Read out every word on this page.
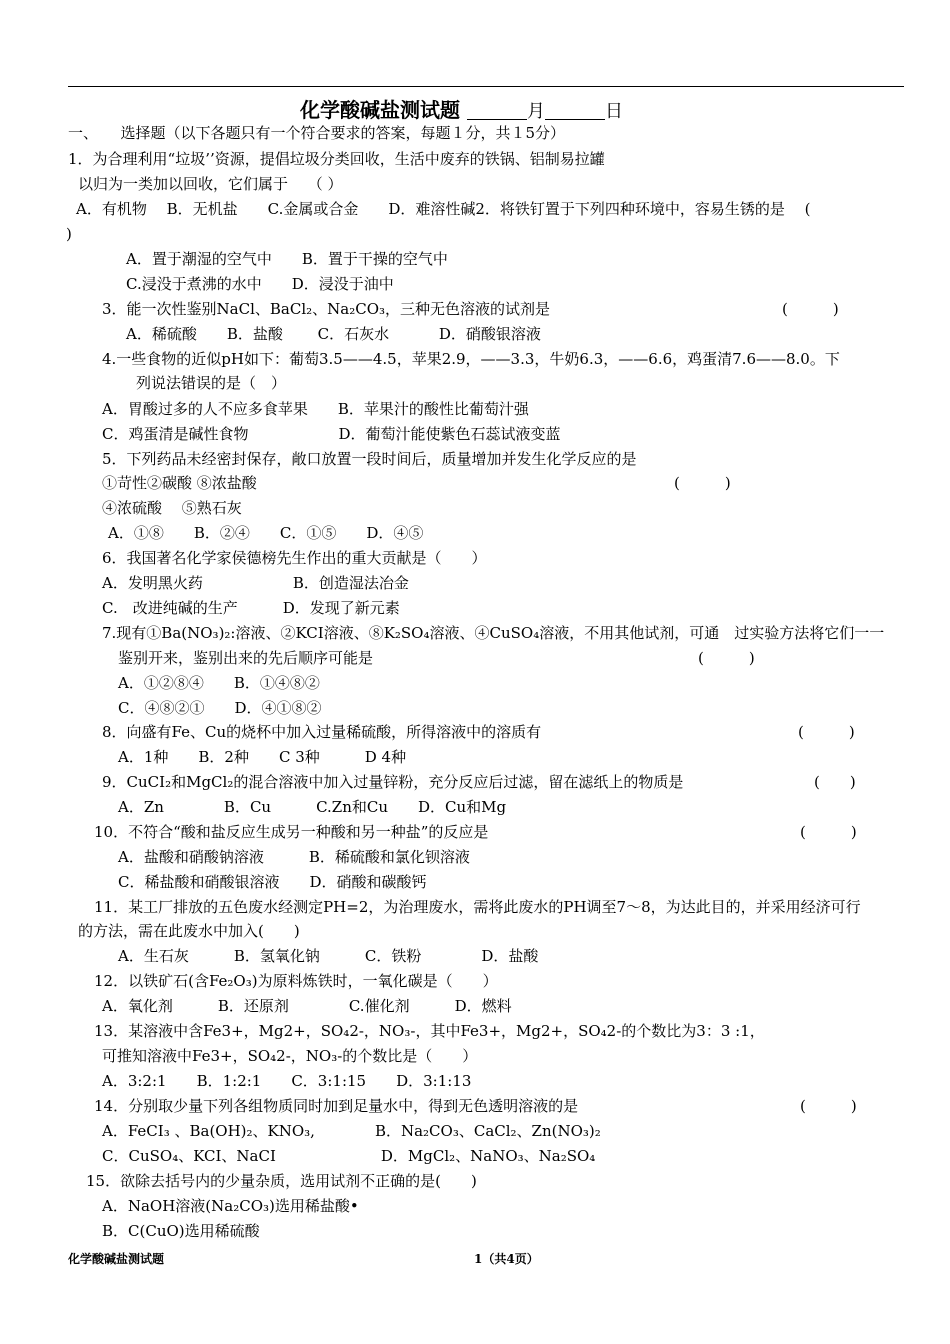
化学酸碱盐测试题	月	日
一、　　选择题（以下各题只有一个符合要求的答案，每题１分，共１5分）
1．为合理利用“垃圾’’资源，提倡垃圾分类回收，生活中废弃的铁锅、铝制易拉罐
以归为一类加以回收，它们属于　 （ ）
A．有机物　 B．无机盐　　C.金属或合金　　D．难溶性碱2．将铁钉置于下列四种环境中，容易生锈的是　 (
)
A．置于潮湿的空气中　　B．置于干操的空气中
C.浸没于煮沸的水中　　D．浸没于油中
3．能一次性鉴别NaCl、BaCl₂、Na₂CO₃，三种无色溶液的试剂是	(　　　)
A．稀硫酸　　B．盐酸　　 C．石灰水　　　 D．硝酸银溶液
4.一些食物的近似pH如下：葡萄3.5——4.5，苹果2.9，——3.3，牛奶6.3，——6.6，鸡蛋清7.6——8.0。下
列说法错误的是（　）
A．胃酸过多的人不应多食苹果　　B．苹果汁的酸性比葡萄汁强
C．鸡蛋清是碱性食物　　　　　　D．葡萄汁能使紫色石蕊试液变蓝
5．下列药品未经密封保存，敞口放置一段时间后，质量增加并发生化学反应的是
①苛性②碳酸 ⑧浓盐酸	(　　　)
④浓硫酸　 ⑤熟石灰
A．①⑧　　B．②④　　C．①⑤　　D．④⑤
6．我国著名化学家侯德榜先生作出的重大贡献是（　　）
A．发明黑火药　　　　　　B．创造湿法冶金
C.　改进纯碱的生产　　　D．发现了新元素
7.现有①Ba(NO₃)₂:溶液、②KCI溶液、⑧K₂SO₄溶液、④CuSO₄溶液，不用其他试剂，可通　过实验方法将它们一一
鉴别开来，鉴别出来的先后顺序可能是	(　　　)
A．①②⑧④　　B．①④⑧②
C．④⑧②①　　D．④①⑧②
8．向盛有Fe、Cu的烧杯中加入过量稀硫酸，所得溶液中的溶质有	(　　　)
A．1种　　B．2种　　C 3种　　　D 4种
9．CuCI₂和MgCl₂的混合溶液中加入过量锌粉，充分反应后过滤，留在滤纸上的物质是	(　　)
A．Zn　　　　B．Cu　　　C.Zn和Cu　　D．Cu和Mg
10．不符合“酸和盐反应生成另一种酸和另一种盐”的反应是	(　　　)
A．盐酸和硝酸钠溶液　　　B．稀硫酸和氯化钡溶液
C．稀盐酸和硝酸银溶液　　D．硝酸和碳酸钙
11．某工厂排放的五色废水经测定PH=2，为治理废水，需将此废水的PH调至7～8，为达此目的，并采用经济可行
的方法，需在此废水中加入(　　)
A．生石灰　　　B．氢氧化钠　　　C．铁粉　　　　D．盐酸
12．以铁矿石(含Fe₂O₃)为原料炼铁时，一氧化碳是（　　）
A．氧化剂　　　B．还原剂　　　　C.催化剂　　　D．燃料
13．某溶液中含Fe3+，Mg2+，SO₄2-，NO₃-，其中Fe3+，Mg2+，SO₄2-的个数比为3：3 :1，
可推知溶液中Fe3+，SO₄2-，NO₃-的个数比是（　　）
A．3:2:1　　B．1:2:1　　C．3:1:15　　D．3:1:13
14．分别取少量下列各组物质同时加到足量水中，得到无色透明溶液的是	(　　　)
A．FeCI₃ 、Ba(OH)₂、KNO₃,　　　　B．Na₂CO₃、CaCl₂、Zn(NO₃)₂
C．CuSO₄、KCI、NaCI　　　　　　　D．MgCl₂、NaNO₃、Na₂SO₄
15．欲除去括号内的少量杂质，选用试剂不正确的是(　　)
A．NaOH溶液(Na₂CO₃)选用稀盐酸•
B．C(CuO)选用稀硫酸
化学酸碱盐测试题	1（共4页）
